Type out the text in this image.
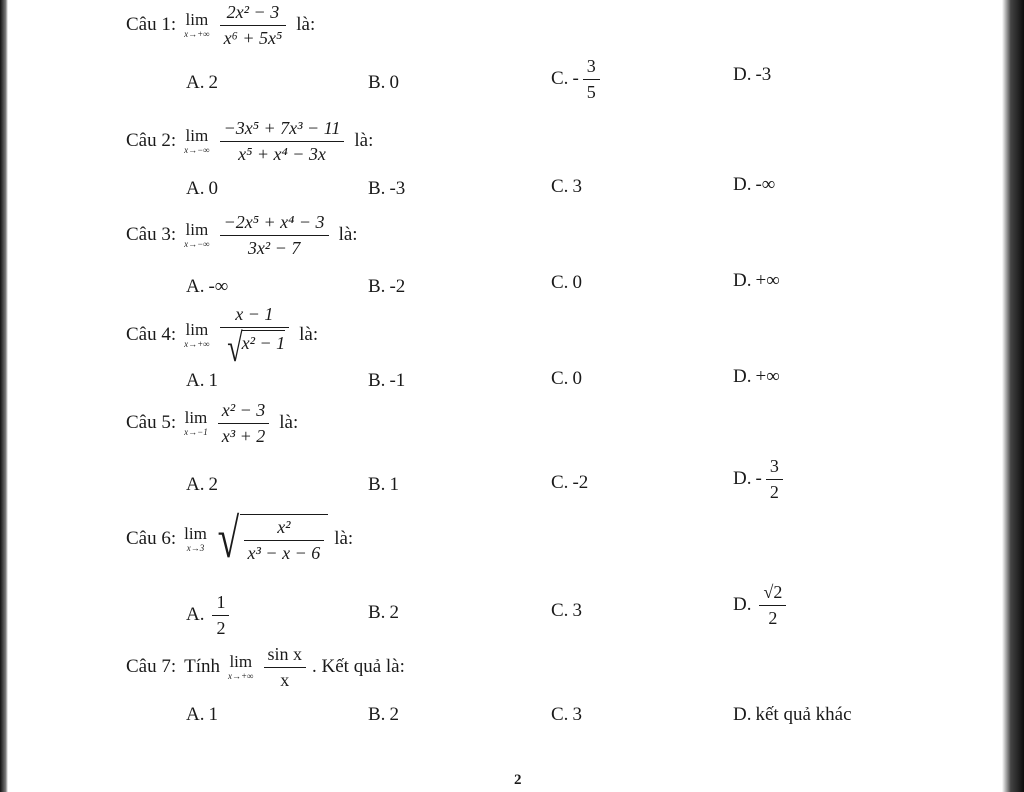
Câu 1: lim
$x\to+\infty \frac{\text{2x² − 3}}{\text{x⁶ + 5x⁵}}$ là:
A. 2	B. 0	C. - $\frac{3}{5}$	D. -3
Câu 2: lim
$x\to-\infty \frac{\text{−3x⁵ + 7x³ − 11}}{\text{x⁵ + x⁴ − 3x}}$ là:
A. 0	B. -3	C. 3	D. -∞
Câu 3: lim
$x\to-\infty \frac{\text{−2x⁵ + x⁴ − 3}}{\text{3x² − 7}}$ là:
A. -∞	B. -2	C. 0	D. +∞
Câu 4: lim
$x\to+\infty \frac{x - 1}{\text{√ x² − 1}}$ là:
A. 1	B. -1	C. 0	D. +∞
Câu 5: lim
$x\to-1 \frac{\text{x² − 3}}{\text{x³ + 2}}$ là:
A. 2	B. 1	C. -2	D. - $\frac{3}{2}$
Câu 6: lim
x→3 √ $\frac{\text{x²}}{\text{x³ − x − 6}}$ là:
A. $\frac{1}{2}$	B. 2	C. 3	D. $\frac{√2}{2}$
Câu 7: Tính lim
$x\to+\infty \frac{\text{sin x}}{x}$ . Kết quả là:
A. 1	B. 2	C. 3	D. kết quả khác
2
